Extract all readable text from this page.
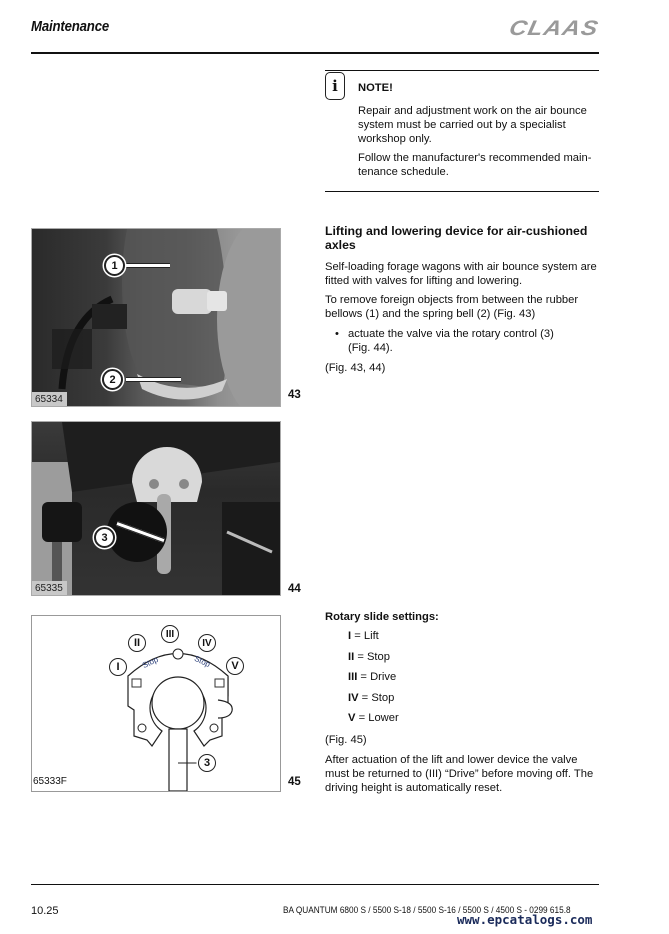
Maintenance	CLAAS
i NOTE!
Repair and adjustment work on the air bounce
system must be carried out by a specialist
workshop only.
Follow the manufacturer's recommended main-
tenance schedule.
Lifting and lowering device for air-cushioned
axles
Self-loading forage wagons with air bounce system are
fitted with valves for lifting and lowering.
To remove foreign objects from between the rubber
bellows (1) and the spring bell (2) (Fig. 43)
• actuate the valve via the rotary control (3)
(Fig. 44).
(Fig. 43, 44)
1
2
65334	43
3
65335	44
I
II
III
IV
V
Stop	Stop
3
65333F	45
Rotary slide settings:
I = Lift
II = Stop
III = Drive
IV = Stop
V = Lower
(Fig. 45)
After actuation of the lift and lower device the valve
must be returned to (III) “Drive” before moving off. The
driving height is automatically reset.
10.25	BA QUANTUM 6800 S / 5500 S-18 / 5500 S-16 / 5500 S / 4500 S - 0299 615.8
www.epcatalogs.com
